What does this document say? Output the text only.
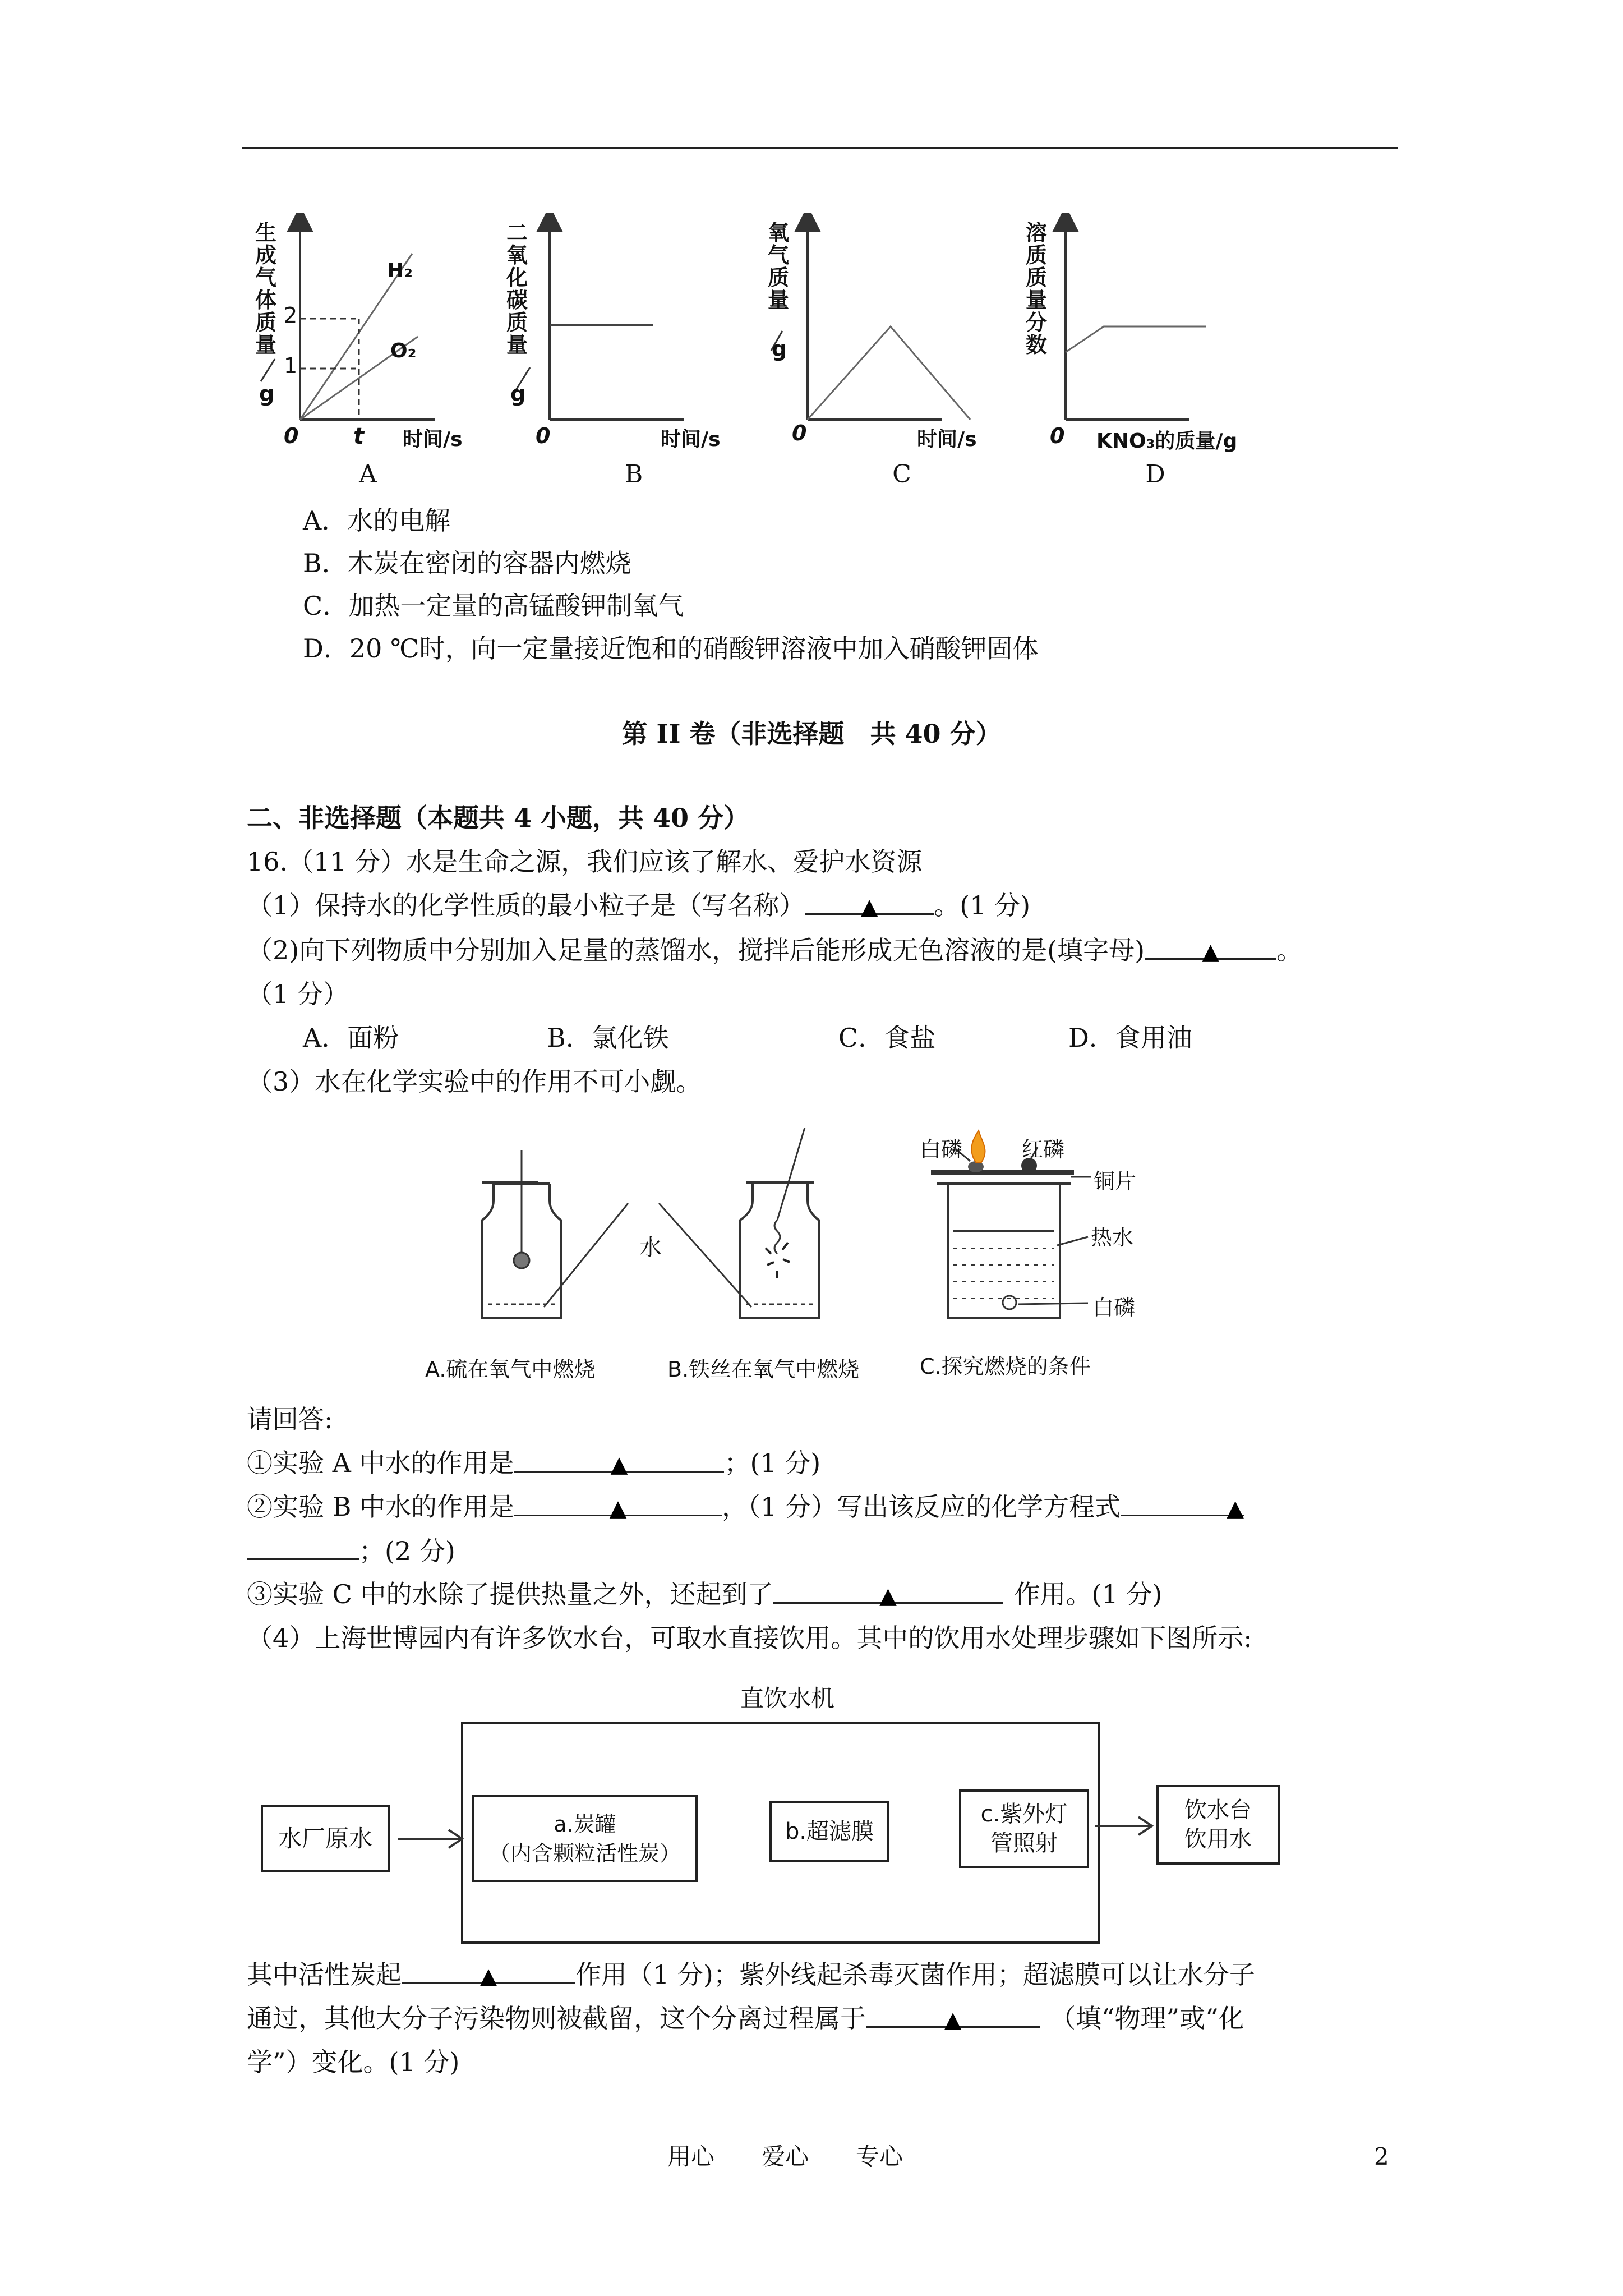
生
成
气
体
质
量
g
H₂
O₂
2
1
0 t 时间/s
A
二
氧
化
碳
质
量
g
0	时间/s
B
氧
气
质
量
g
0	时间/s
C
溶
质
质
量
分
数
0 KNO₃的质量/g
D
A．水的电解
B．木炭在密闭的容器内燃烧
C．加热一定量的高锰酸钾制氧气
D．20 ℃时，向一定量接近饱和的硝酸钾溶液中加入硝酸钾固体
第 II 卷（非选择题　共 40 分）
二、非选择题（本题共 4 小题，共 40 分）
16.（11 分）水是生命之源，我们应该了解水、爱护水资源
（1）保持水的化学性质的最小粒子是（写名称） ▲ 。(1 分)
（2)向下列物质中分别加入足量的蒸馏水，搅拌后能形成无色溶液的是(填字母)	▲ 。
（1 分）
A．面粉	B．氯化铁	C．食盐	D．食用油
（3）水在化学实验中的作用不可小觑。
水
白磷	红磷
铜片
热水
白磷
A.硫在氧气中燃烧	B.铁丝在氧气中燃烧	C.探究燃烧的条件
请回答:
①实验 A 中水的作用是	▲	；(1 分)
②实验 B 中水的作用是	▲	，（1 分）写出该反应的化学方程式	▲
；(2 分)
③实验 C 中的水除了提供热量之外，还起到了	▲	作用。(1 分)
（4）上海世博园内有许多饮水台，可取水直接饮用。其中的饮用水处理步骤如下图所示:
直饮水机
水厂原水
a.炭罐
（内含颗粒活性炭）
b.超滤膜
c.紫外灯
管照射
饮水台
饮用水
其中活性炭起	▲	作用（1 分)；紫外线起杀毒灭菌作用；超滤膜可以让水分子
通过，其他大分子污染物则被截留，这个分离过程属于	▲	（填“物理”或“化
学”）变化。(1 分)
用心　　爱心　　专心	2
